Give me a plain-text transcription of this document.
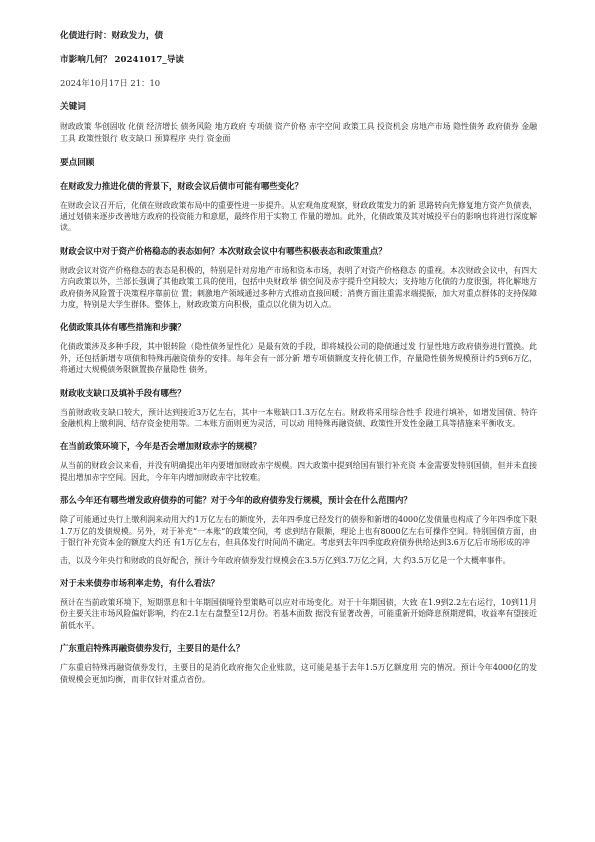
化债进行时：财政发力，债
市影响几何？ 20241017_导读
2024年10月17日 21：10
关键词
财政政策 华创固收 化债 经济增长 债务风险 地方政府 专项债 资产价格 赤字空间 政策工具 投资机会 房地产市场 隐性债务 政府债券 金融工具 政策性银行 收支缺口 预算程序 央行 资金面
要点回顾
在财政发力推进化债的背景下，财政会议后债市可能有哪些变化？
在财政会议召开后，化债在财政政策布局中的重要性进一步提升。从宏观角度观察，财政政策发力的新 思路转向先修复地方资产负债表，通过划债来逐步改善地方政府的投资能力和意愿，最终作用于实物工 作量的增加。此外，化债政策及其对城投平台的影响也将进行深度解读。
财政会议中对于资产价格稳态的表态如何？本次财政会议中有哪些积极表态和政策重点？
财政会议对资产价格稳态的表态是积极的，特别是针对房地产市场和资本市场，表明了对资产价格稳态 的重视。本次财政会议中，有四大方向政策以外，兰部长强调了其他政策工具的使用，包括中央财政举 债空间及赤字提升空间较大；支持地方化债的力度很强，将化解地方政府债务风险置于决策程序靠前位 置；刺激地产领域通过多种方式推动直接回暖；消费方面注重需求端提振，加大对重点群体的支持保障 力度，特别是大学生群体。整体上，财政政策方向积极，重点以化债为切入点。
化债政策具体有哪些措施和步骤？
化债政策涉及多种手段，其中银转险（隐性债务显性化）是最有效的手段，即将城投公司的隐债通过发 行显性地方政府债券进行置换。此外，还包括新增专项债和特殊再融资债券的安排。每年会有一部分新 增专项债额度支持化债工作，存量隐性债务规模预计约5到6万亿，将通过大规模债务限额置换存量隐性 债务。
财政收支缺口及填补手段有哪些？
当前财政收支缺口较大，预计达到接近3万亿左右，其中一本账缺口1.3万亿左右。财政将采用综合性手 段进行填补，如增发国债、特许金融机构上缴利润、结存资金使用等。二本账方面则更为灵活，可以动 用特殊再融资债、政策性开发性金融工具等措施来平衡收支。
在当前政策环境下，今年是否会增加财政赤字的规模？
从当前的财政会议来看，并没有明确提出年内要增加财政赤字规模。四大政策中提到给国有银行补充资 本金需要发特别国债，但并未直接提出增加赤字空间。因此，今年年内增加财政赤字比较难。
那么今年还有哪些增发政府债券的可能？对于今年的政府债券发行规模，预计会在什么范围内？
除了可能通过央行上缴利润来动用大约1万亿左右的额度外，去年四季度已经发行的债券和新增的4000亿发债量也构成了今年四季度下限1.7万亿的发债规模。另外，对于补充“一本账”的政策空间，考 虑到结存限额，理论上也有8000亿左右可操作空间。特别国债方面，由于银行补充资本金的额度大约还 有1万亿左右，但具体发行时间尚不确定。考虑到去年四季度政府债券供给达到3.6万亿后市场形成的冲
击，以及今年央行和财政的良好配合，预计今年政府债券发行规模会在3.5万亿到3.7万亿之间，大 约3.5万亿是一个大概率事件。
对于未来债券市场利率走势，有什么看法？
预计在当前政策环境下，短期票息和十年期国债哑铃型策略可以应对市场变化。对于十年期国债，大致 在1.9到2.2左右运行，10到11月份主要关注市场风险偏好影响，约在2.1左右盘整至12月份。若基本面数 据没有显著改善，可能重新开始降息预期逻辑，收益率有望接近前低水平。
广东重启特殊再融资债券发行，主要目的是什么？
广东重启特殊再融资债券发行，主要目的是消化政府拖欠企业账款，这可能是基于去年1.5万亿额度用 完的情况。预计今年4000亿的发债规模会更加均衡，而非仅针对重点省份。
